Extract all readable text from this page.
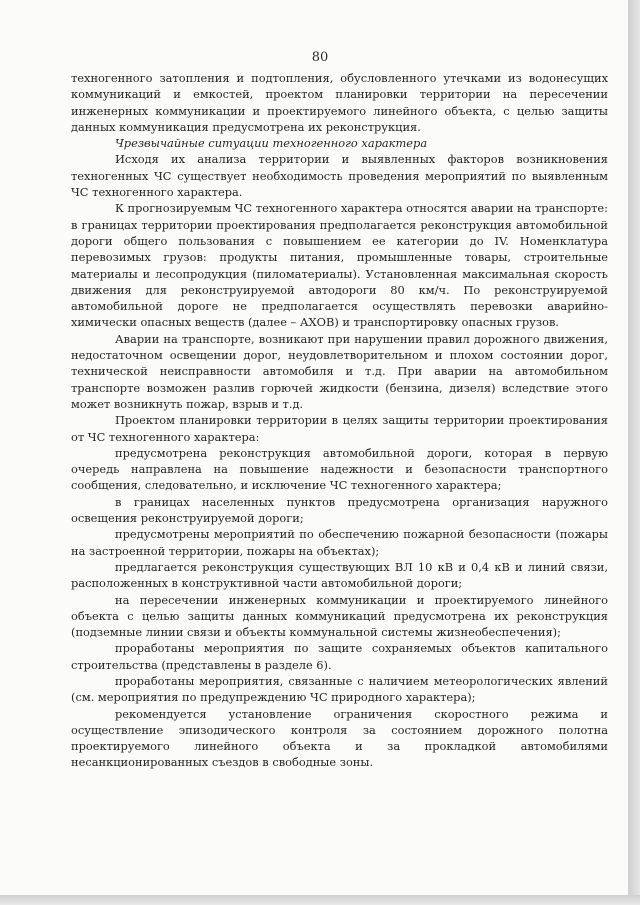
80

техногенного затопления и подтопления, обусловленного утечками из водонесущих коммуникаций и емкостей, проектом планировки территории на пересечении инженерных коммуникации и проектируемого линейного объекта, с целью защиты данных коммуникация предусмотрена их реконструкция.

Чрезвычайные ситуации техногенного характера

Исходя их анализа территории и выявленных факторов возникновения техногенных ЧС существует необходимость проведения мероприятий по выявленным ЧС техногенного характера.

К прогнозируемым ЧС техногенного характера относятся аварии на транспорте: в границах территории проектирования предполагается реконструкция автомобильной дороги общего пользования с повышением ее категории до IV. Номенклатура перевозимых грузов: продукты питания, промышленные товары, строительные материалы и лесопродукция (пиломатериалы). Установленная максимальная скорость движения для реконструируемой автодороги 80 км/ч. По реконструируемой автомобильной дороге не предполагается осуществлять перевозки аварийно-химически опасных веществ (далее – АХОВ) и транспортировку опасных грузов.

Аварии на транспорте, возникают при нарушении правил дорожного движения, недостаточном освещении дорог, неудовлетворительном и плохом состоянии дорог, технической неисправности автомобиля и т.д. При аварии на автомобильном транспорте возможен разлив горючей жидкости (бензина, дизеля) вследствие этого может возникнуть пожар, взрыв и т.д.

Проектом планировки территории в целях защиты территории проектирования от ЧС техногенного характера:

предусмотрена реконструкция автомобильной дороги, которая в первую очередь направлена на повышение надежности и безопасности транспортного сообщения, следовательно, и исключение ЧС техногенного характера;

в границах населенных пунктов предусмотрена организация наружного освещения реконструируемой дороги;

предусмотрены мероприятий по обеспечению пожарной безопасности (пожары на застроенной территории, пожары на объектах);

предлагается реконструкция существующих ВЛ 10 кВ и 0,4 кВ и линий связи, расположенных в конструктивной части автомобильной дороги;

на пересечении инженерных коммуникации и проектируемого линейного объекта с целью защиты данных коммуникаций предусмотрена их реконструкция (подземные линии связи и объекты коммунальной системы жизнеобеспечения);

проработаны мероприятия по защите сохраняемых объектов капитального строительства (представлены в разделе 6).

проработаны мероприятия, связанные с наличием метеорологических явлений (см. мероприятия по предупреждению ЧС природного характера);

рекомендуется установление ограничения скоростного режима и осуществление эпизодического контроля за состоянием дорожного полотна проектируемого линейного объекта и за прокладкой автомобилями несанкционированных съездов в свободные зоны.
